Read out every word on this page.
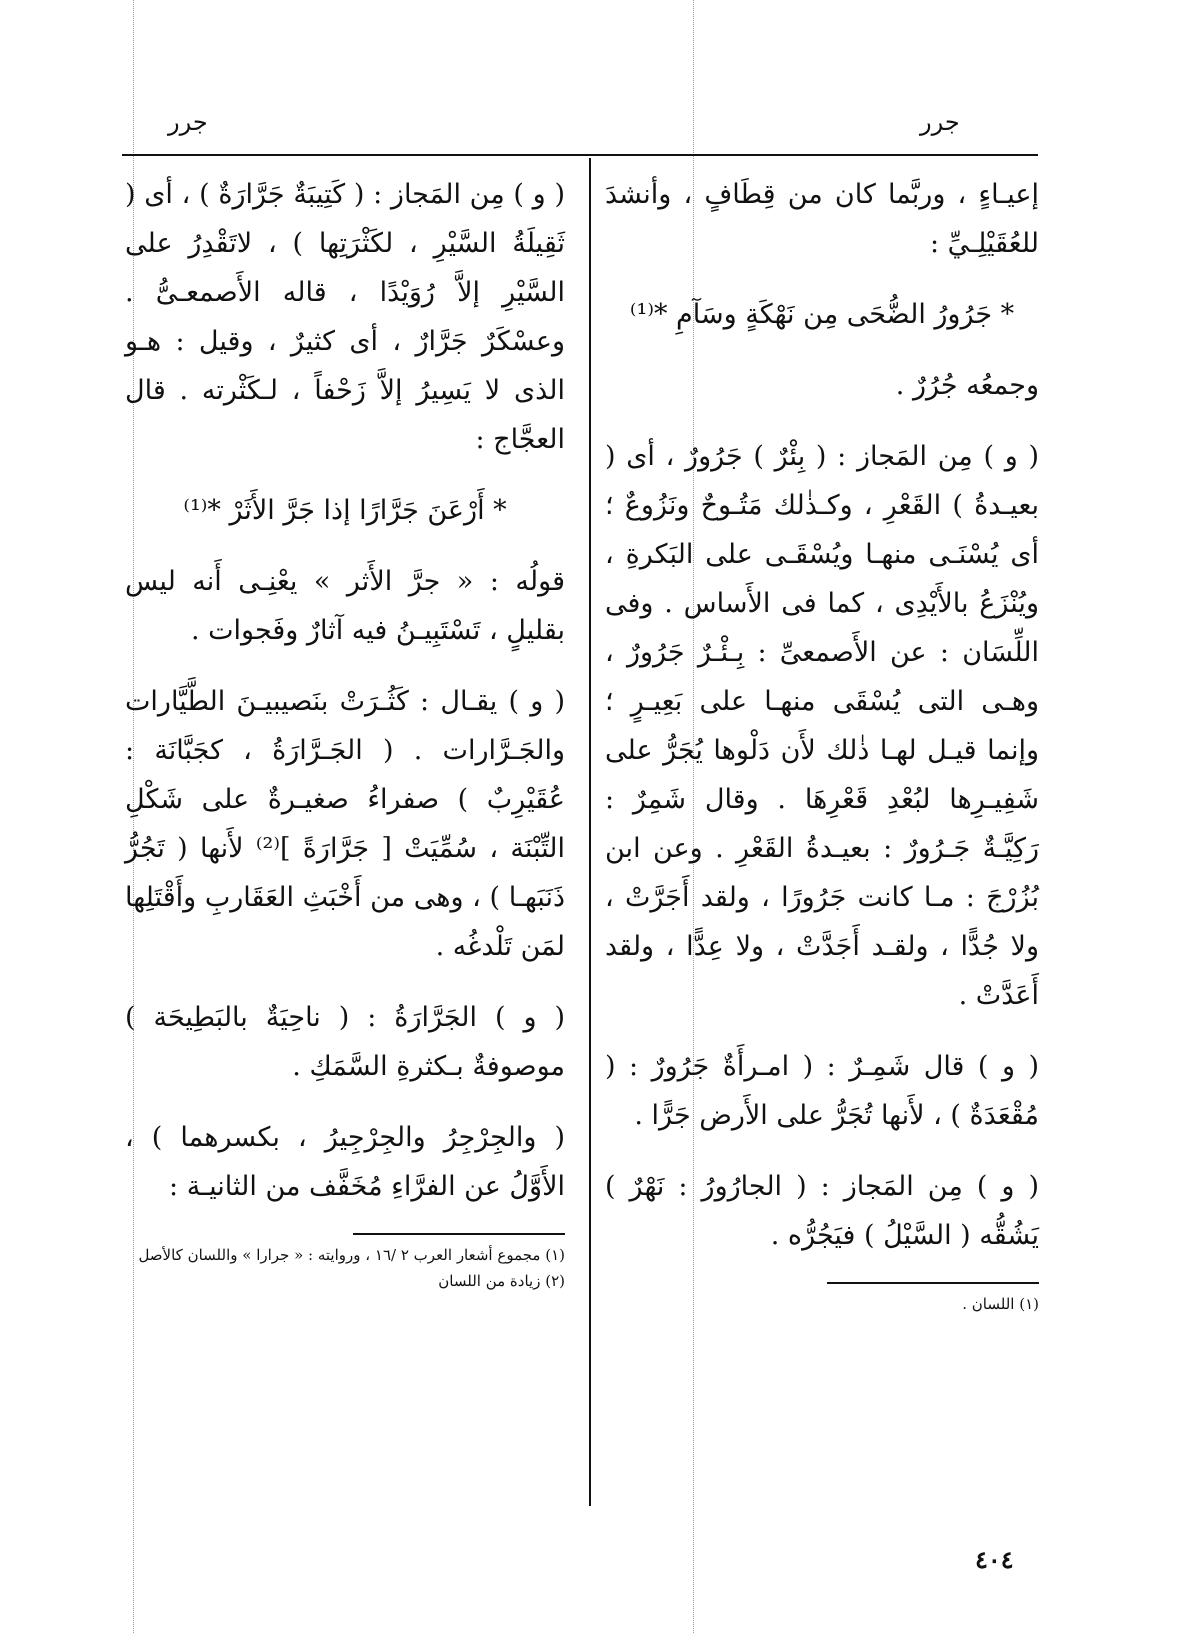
جرر
جرر

إعيـاءٍ ، وربَّما كان من قِطَافٍ ، وأنشدَ للعُقَيْلِـيِّ :

* جَرُورُ الضُّحَى مِن نَهْكَةٍ وسَآمِ *⁽¹⁾

وجمعُه جُرُرٌ .

( و ) مِن المَجاز : ( بِئْرٌ ) جَرُورٌ ، أى ( بعيـدةُ ) القَعْرِ ، وكـذٰلك مَتُـوحٌ ونَزُوعٌ ؛ أى يُسْنَـى منهـا ويُسْقَـى على البَكرةِ ، ويُنْزَعُ بالأَيْدِى ، كما فى الأَساس . وفى اللِّسَان : عن الأَصمعىِّ : بِـئْـرٌ جَرُورٌ ، وهـى التى يُسْقَى منهـا على بَعِيـرٍ ؛ وإنما قيـل لهـا ذٰلك لأَن دَلْوها يُجَرُّ على شَفِيـرِها لبُعْدِ قَعْرِهَا . وقال شَمِرٌ : رَكِيَّـةٌ جَـرُورٌ : بعيـدةُ القَعْرِ . وعن ابن بُزُرْجَ : مـا كانت جَرُورًا ، ولقد أَجَرَّتْ ، ولا جُدًّا ، ولقـد أَجَدَّتْ ، ولا عِدًّا ، ولقد أَعَدَّتْ .

( و ) قال شَمِـرٌ : ( امـرأَةٌ جَرُورٌ : ( مُقْعَدَةٌ ) ، لأَنها تُجَرُّ على الأَرض جَرًّا .

( و ) مِن المَجاز : ( الجارُورُ : نَهْرٌ ) يَشُقُّه ( السَّيْلُ ) فيَجُرُّه .

(١) اللسان .

( و ) مِن المَجاز : ( كَتِيبَةٌ جَرَّارَةٌ ) ، أى ( ثَقِيلَةُ السَّيْرِ ، لكَثْرَتِها ) ، لاتَقْدِرُ على السَّيْرِ إلاَّ رُوَيْدًا ، قاله الأَصمعـىُّ . وعسْكَرٌ جَرَّارٌ ، أى كثيرٌ ، وقيل : هـو الذى لا يَسِيرُ إلاَّ زَحْفاً ، لـكَثْرته . قال العجَّاج :

* أَرْعَنَ جَرَّارًا إذا جَرَّ الأَثَرْ *⁽¹⁾

قولُه : « جرَّ الأَثر » يعْنِـى أَنه ليس بقليلٍ ، تَسْتَبِيـنُ فيه آثارٌ وفَجوات .

( و ) يقـال : كَثُـرَتْ بنَصيبيـنَ الطَّيَّارات والجَـرَّارات . ( الجَـرَّارَةُ ، كجَبَّانَة : عُقَيْرِبٌ ) صفراءُ صغيـرةٌ على شَكْلِ التِّبْنَة ، سُمِّيَتْ [ جَرَّارَةً ]⁽²⁾ لأَنها ( تَجُرُّ ذَنَبَهـا ) ، وهى من أَخْبَثِ العَقَاربِ وأَقْتَلِها لمَن تَلْدغُه .

( و ) الجَرَّارَةُ : ( ناحِيَةٌ بالبَطِيحَة ) موصوفةٌ بـكثرةِ السَّمَكِ .

( والجِرْجِرُ والجِرْجِيرُ ، بكسرهما ) ، الأَوَّلُ عن الفرَّاءِ مُخَفَّف من الثانيـة :

(١) مجموع أشعار العرب ٢ /١٦ ، وروايته : « جرارا » واللسان كالأصل

(٢) زيادة من اللسان

٤٠٤
